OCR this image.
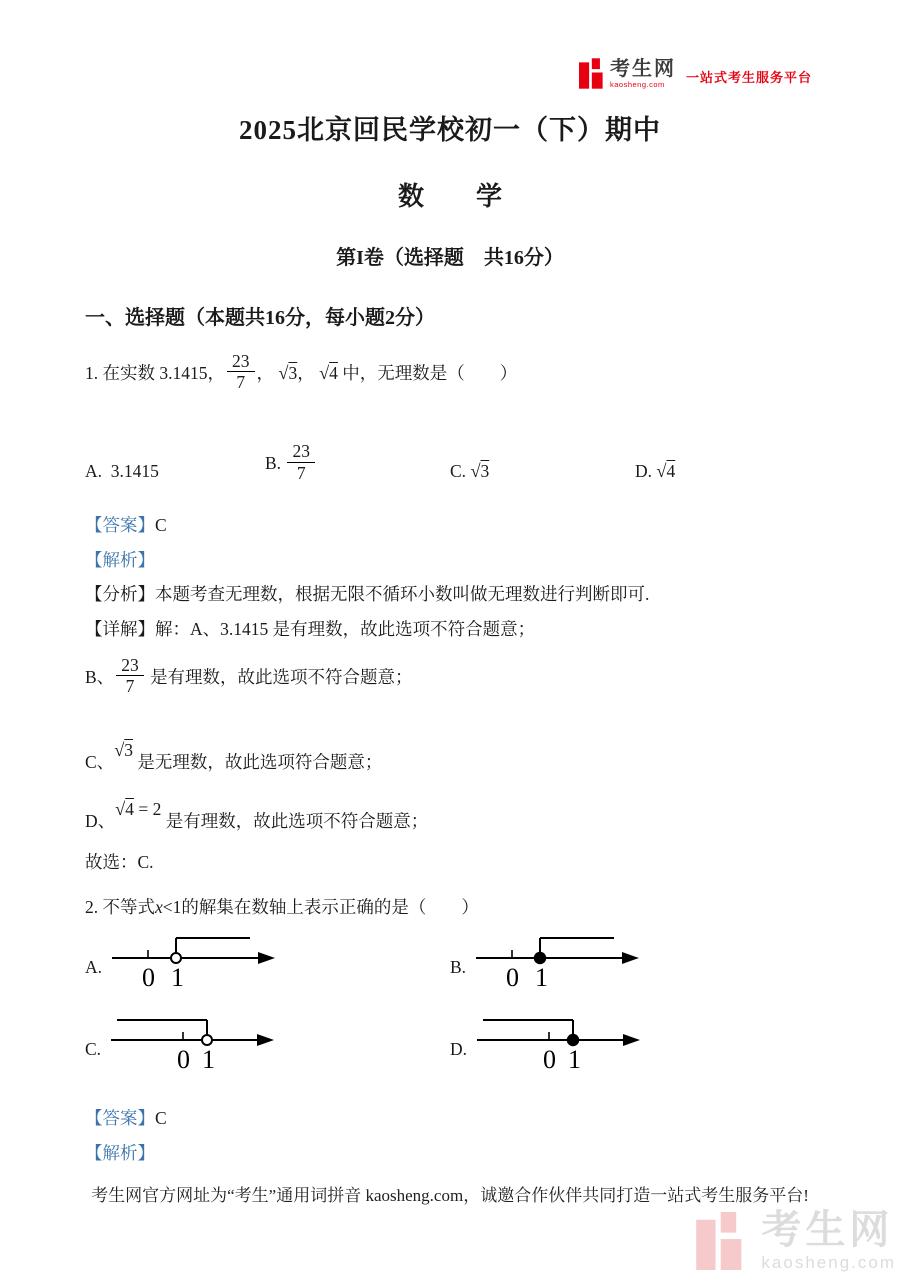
考生网
kaosheng.com	一站式考生服务平台
2025北京回民学校初一（下）期中
数　　学
第I卷（选择题　共16分）
一、选择题（本题共16分，每小题2分）
1. 在实数 3.1415， $\frac{23}{7}$ ， √3， √4 中，无理数是（　　）
A. 3.1415	B. $\frac{23}{7}$	C. √3	D. √4
【答案】C
【解析】
【分析】本题考查无理数，根据无限不循环小数叫做无理数进行判断即可.
【详解】解：A、3.1415 是有理数，故此选项不符合题意；
B、 $\frac{23}{7}$ 是有理数，故此选项不符合题意；
C、√3 是无理数，故此选项符合题意；
D、√4 = 2 是有理数，故此选项不符合题意；
故选：C.
2. 不等式x<1的解集在数轴上表示正确的是（　　）
A. 0 1	B. 0 1
C.	0 1	D.	0 1
【答案】C
【解析】
考生网官方网址为“考生”通用词拼音 kaosheng.com，诚邀合作伙伴共同打造一站式考生服务平台!
考生网
kaosheng.com
